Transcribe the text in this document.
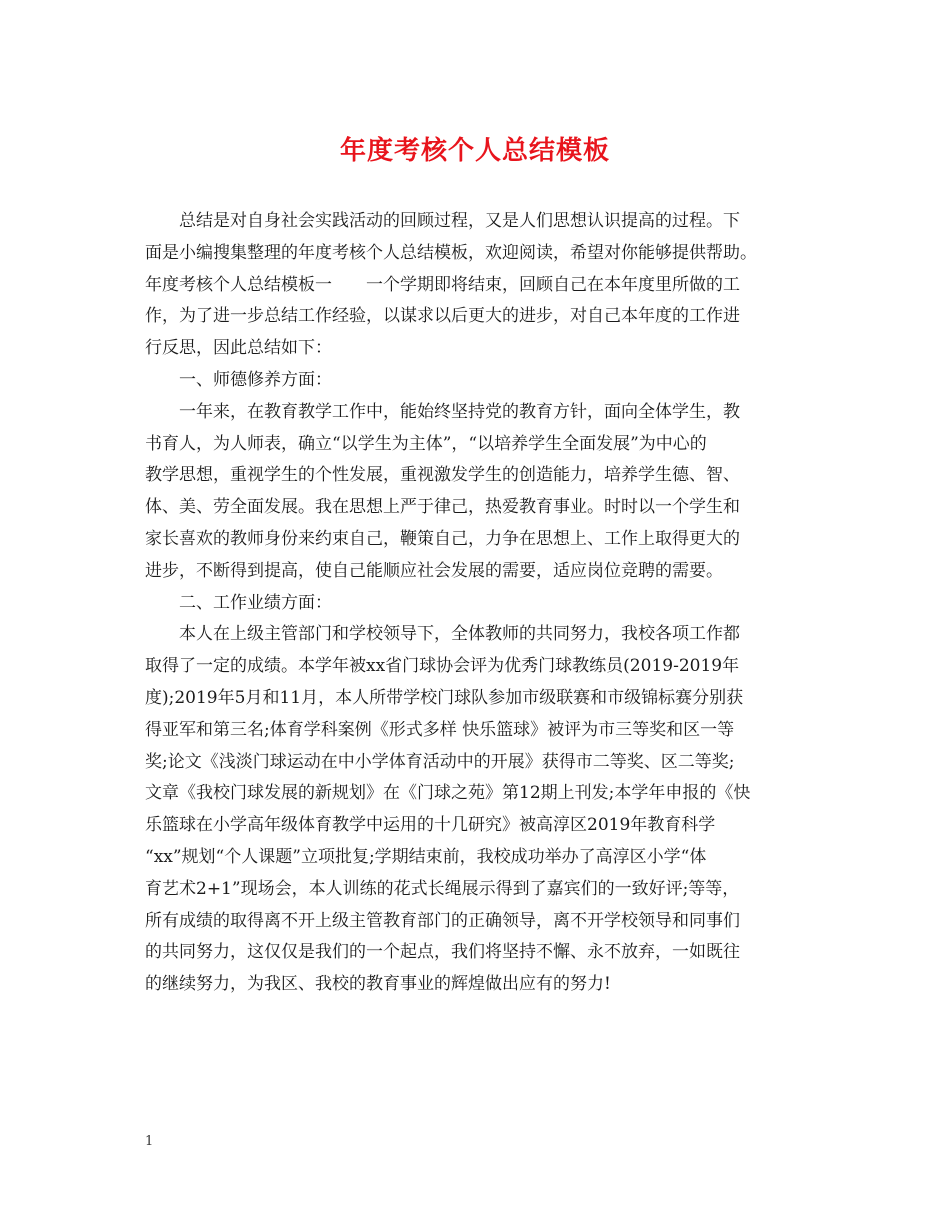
年度考核个人总结模板
总结是对自身社会实践活动的回顾过程，又是人们思想认识提高的过程。下
面是小编搜集整理的年度考核个人总结模板，欢迎阅读，希望对你能够提供帮助。
年度考核个人总结模板一　　一个学期即将结束，回顾自己在本年度里所做的工
作，为了进一步总结工作经验，以谋求以后更大的进步，对自己本年度的工作进
行反思，因此总结如下：
一、师德修养方面：
一年来，在教育教学工作中，能始终坚持党的教育方针，面向全体学生，教
书育人，为人师表，确立“以学生为主体”，“以培养学生全面发展”为中心的
教学思想，重视学生的个性发展，重视激发学生的创造能力，培养学生德、智、
体、美、劳全面发展。我在思想上严于律己，热爱教育事业。时时以一个学生和
家长喜欢的教师身份来约束自己，鞭策自己，力争在思想上、工作上取得更大的
进步，不断得到提高，使自己能顺应社会发展的需要，适应岗位竞聘的需要。
二、工作业绩方面：
本人在上级主管部门和学校领导下，全体教师的共同努力，我校各项工作都
取得了一定的成绩。本学年被xx省门球协会评为优秀门球教练员(2019-2019年
度);2019年5月和11月，本人所带学校门球队参加市级联赛和市级锦标赛分别获
得亚军和第三名;体育学科案例《形式多样 快乐篮球》被评为市三等奖和区一等
奖;论文《浅淡门球运动在中小学体育活动中的开展》获得市二等奖、区二等奖;
文章《我校门球发展的新规划》在《门球之苑》第12期上刊发;本学年申报的《快
乐篮球在小学高年级体育教学中运用的十几研究》被高淳区2019年教育科学
“xx”规划“个人课题”立项批复;学期结束前，我校成功举办了高淳区小学“体
育艺术2+1”现场会，本人训练的花式长绳展示得到了嘉宾们的一致好评;等等，
所有成绩的取得离不开上级主管教育部门的正确领导，离不开学校领导和同事们
的共同努力，这仅仅是我们的一个起点，我们将坚持不懈、永不放弃，一如既往
的继续努力，为我区、我校的教育事业的辉煌做出应有的努力!
1
